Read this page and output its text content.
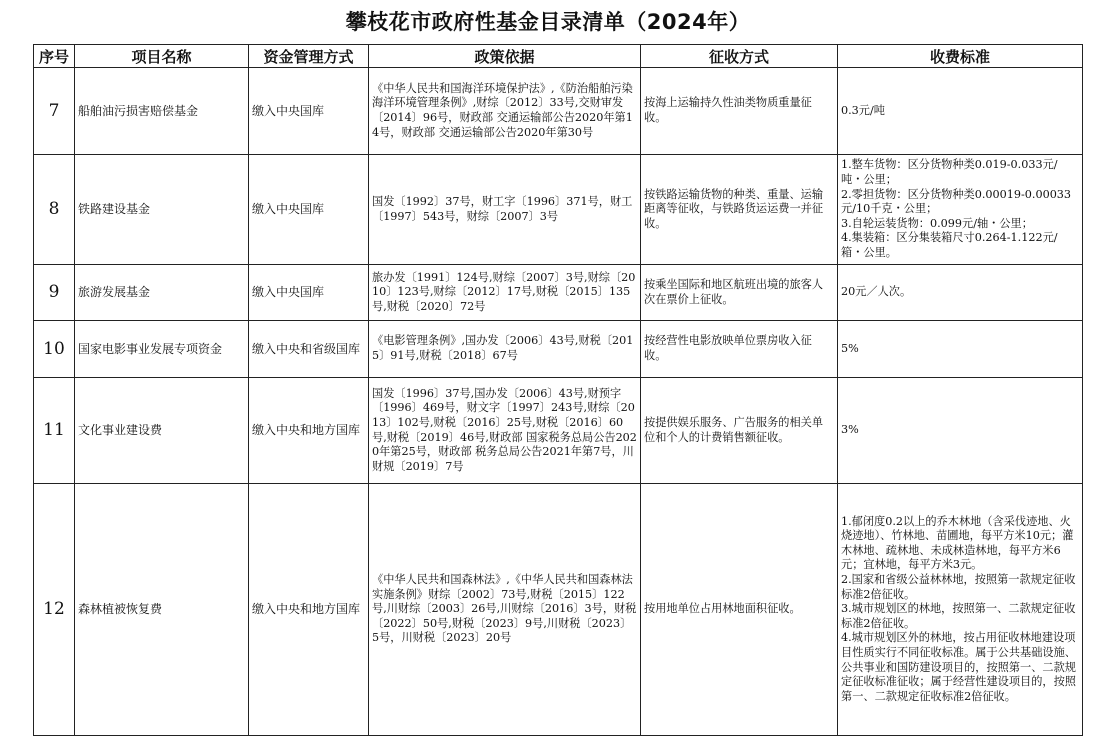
攀枝花市政府性基金目录清单（2024年）
序号	项目名称	资金管理方式	政策依据	征收方式	收费标准
7	船舶油污损害赔偿基金	缴入中央国库	《中华人民共和国海洋环境保护法》,《防治船舶污染海洋环境管理条例》,财综〔2012〕33号,交财审发〔2014〕96号，财政部 交通运输部公告2020年第14号，财政部 交通运输部公告2020年第30号	按海上运输持久性油类物质重量征收。	0.3元/吨

8	铁路建设基金	缴入中央国库	国发〔1992〕37号，财工字〔1996〕371号，财工〔1997〕543号，财综〔2007〕3号	按铁路运输货物的种类、重量、运输距离等征收，与铁路货运运费一并征收。	1.整车货物：区分货物种类0.019-0.033元/吨・公里；
2.零担货物：区分货物种类0.00019-0.00033元/10千克・公里；
3.自轮运装货物：0.099元/轴・公里；
4.集装箱：区分集装箱尺寸0.264-1.122元/箱・公里。

9	旅游发展基金	缴入中央国库	旅办发〔1991〕124号,财综〔2007〕3号,财综〔2010〕123号,财综〔2012〕17号,财税〔2015〕135号,财税〔2020〕72号	按乘坐国际和地区航班出境的旅客人次在票价上征收。	20元／人次。

10	国家电影事业发展专项资金	缴入中央和省级国库	《电影管理条例》,国办发〔2006〕43号,财税〔2015〕91号,财税〔2018〕67号	按经营性电影放映单位票房收入征收。	5%

11	文化事业建设费	缴入中央和地方国库	国发〔1996〕37号,国办发〔2006〕43号,财预字〔1996〕469号，财文字〔1997〕243号,财综〔2013〕102号,财税〔2016〕25号,财税〔2016〕60号,财税〔2019〕46号,财政部 国家税务总局公告2020年第25号，财政部 税务总局公告2021年第7号，川财规〔2019〕7号	按提供娱乐服务、广告服务的相关单位和个人的计费销售额征收。	3%

12	森林植被恢复费	缴入中央和地方国库	《中华人民共和国森林法》,《中华人民共和国森林法实施条例》财综〔2002〕73号,财税〔2015〕122号,川财综〔2003〕26号,川财综〔2016〕3号，财税〔2022〕50号,财税〔2023〕9号,川财税〔2023〕5号，川财税〔2023〕20号	按用地单位占用林地面积征收。	1.郁闭度0.2以上的乔木林地（含采伐迹地、火烧迹地）、竹林地、苗圃地，每平方米10元；灌木林地、疏林地、未成林造林地，每平方米6元；宜林地，每平方米3元。
2.国家和省级公益林林地，按照第一款规定征收标准2倍征收。
3.城市规划区的林地，按照第一、二款规定征收标准2倍征收。
4.城市规划区外的林地，按占用征收林地建设项目性质实行不同征收标准。属于公共基础设施、公共事业和国防建设项目的，按照第一、二款规定征收标准征收；属于经营性建设项目的，按照第一、二款规定征收标准2倍征收。
